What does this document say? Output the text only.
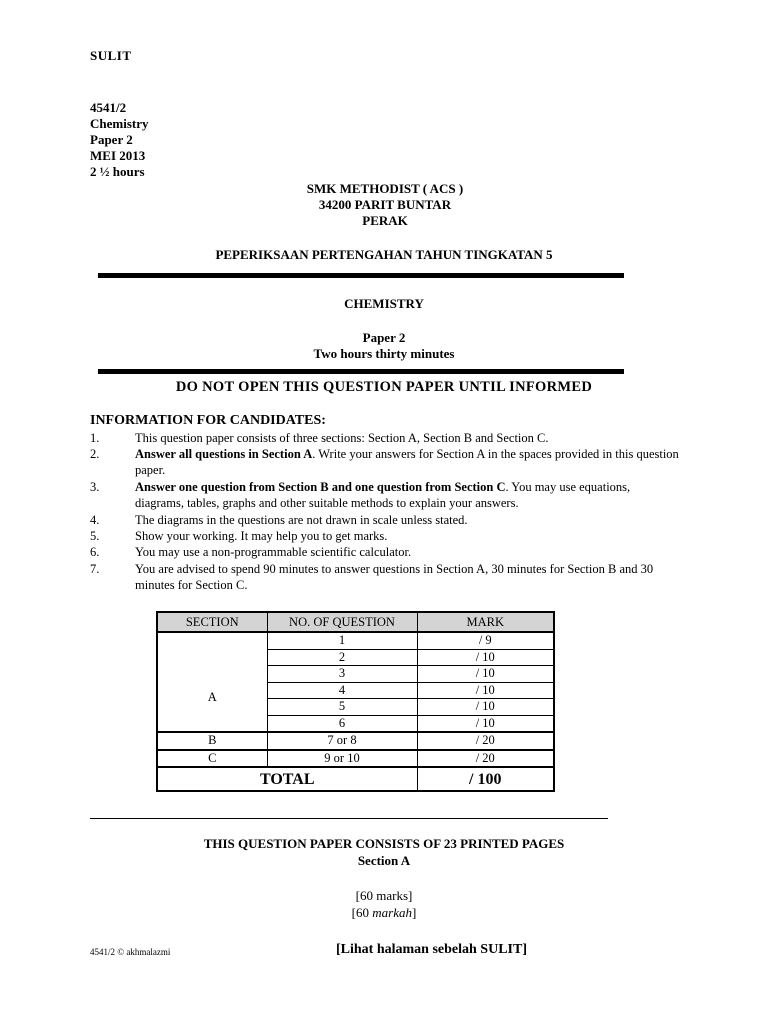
SULIT
4541/2
Chemistry
Paper 2
MEI 2013
2 ½ hours
SMK METHODIST ( ACS )
34200 PARIT BUNTAR
PERAK
PEPERIKSAAN PERTENGAHAN TAHUN TINGKATAN 5
CHEMISTRY
Paper 2
Two hours thirty minutes
DO NOT OPEN THIS QUESTION PAPER UNTIL INFORMED
INFORMATION FOR CANDIDATES:
1.	This question paper consists of three sections: Section A, Section B and Section C.
2.	Answer all questions in Section A. Write your answers for Section A in the spaces provided in this question paper.
3.	Answer one question from Section B and one question from Section C. You may use equations, diagrams, tables, graphs and other suitable methods to explain your answers.
4.	The diagrams in the questions are not drawn in scale unless stated.
5.	Show your working. It may help you to get marks.
6.	You may use a non-programmable scientific calculator.
7.	You are advised to spend 90 minutes to answer questions in Section A, 30 minutes for Section B and 30 minutes for Section C.
SECTION	NO. OF QUESTION	MARK
A	1	/ 9
	2	/ 10
	3	/ 10
	4	/ 10
	5	/ 10
	6	/ 10
B	7 or 8	/ 20
C	9 or 10	/ 20
TOTAL		/ 100
THIS QUESTION PAPER CONSISTS OF 23 PRINTED PAGES
Section A
[60 marks]
[60 markah]
4541/2 © akhmalazmi	[Lihat halaman sebelah SULIT]
